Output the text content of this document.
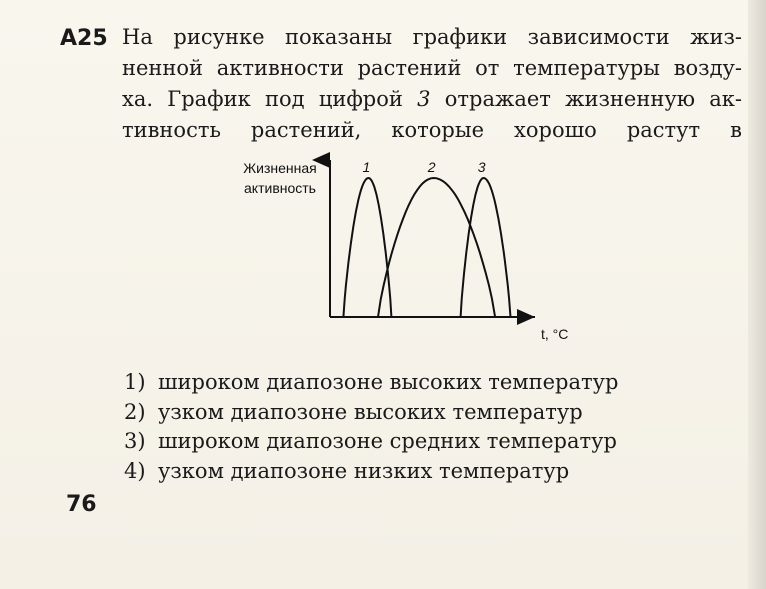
A25 На рисунке показаны графики зависимости жиз-
ненной активности растений от температуры возду-
ха. График под цифрой 3 отражает жизненную ак-
тивность растений, которые хорошо растут в
Жизненная
активность
t, °C
1	2	3
1) широком диапозоне высоких температур
2) узком диапозоне высоких температур
3) широком диапозоне средних температур
4) узком диапозоне низких температур
76
